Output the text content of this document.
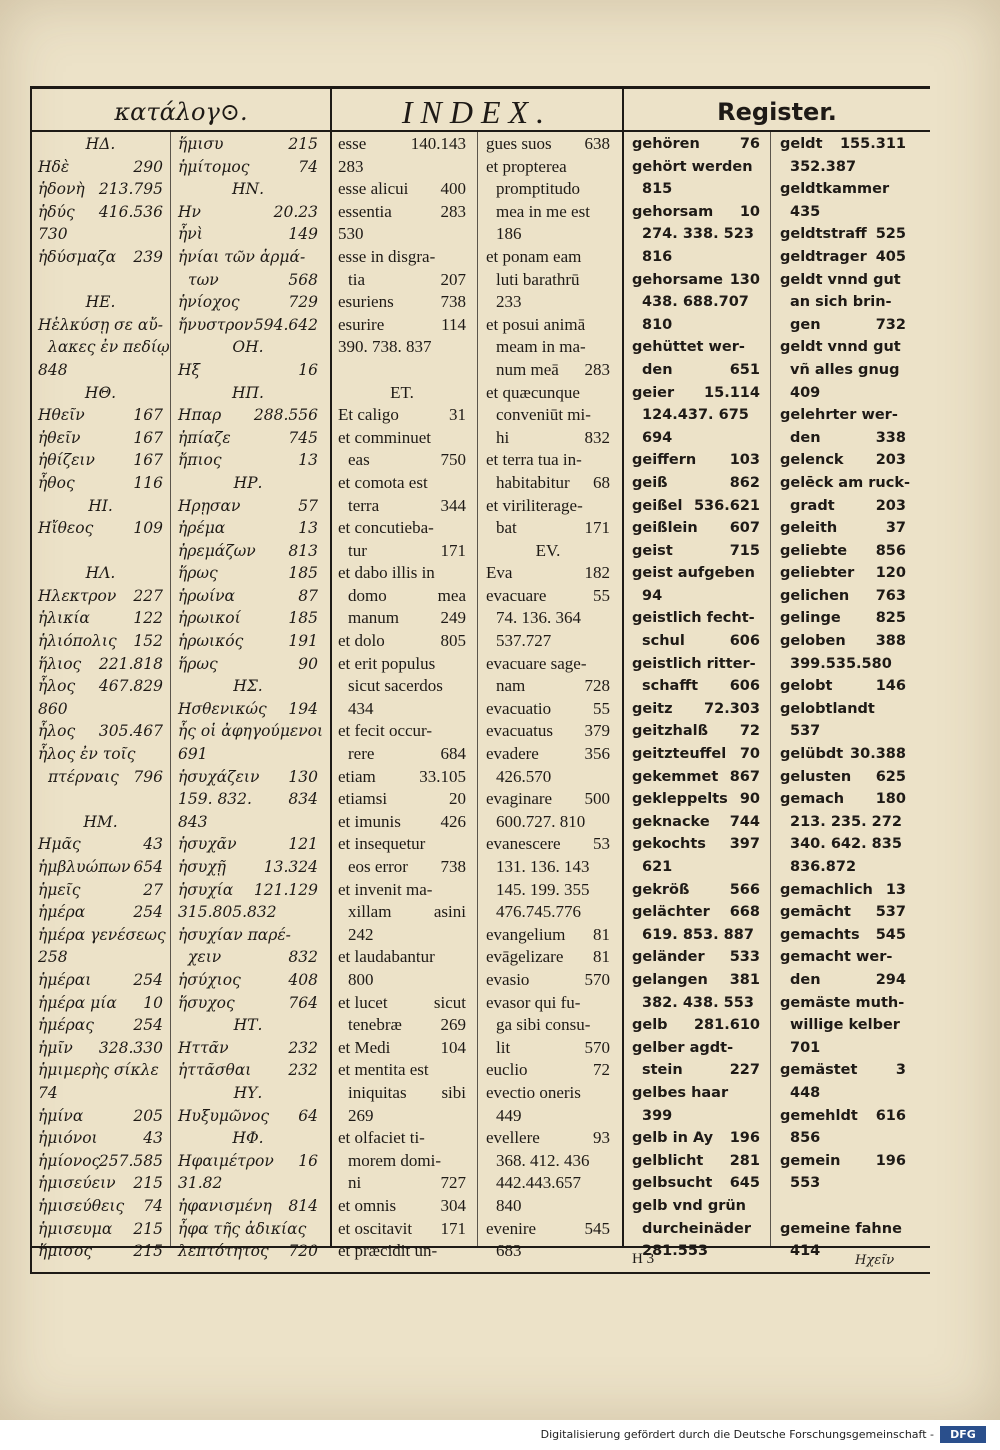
κατάλογ⊙.	INDEX.	Register.
ΗΔ.
Ηδὲ	290
ἡδονὴ 213.795
ἡδύς 416.536
730
ἡδύσμαζα 239
ΗΕ.
Ηἑλκύσῃ σε αὔ-
λακες ἐν πεδίῳ
848
ΗΘ.
Ηθεῖν	167
ἠθεῖν	167
ἠθίζειν 167
ἦθος	116
ΗΙ.
Ηἴθεος	109
ΗΛ.
Ηλεκτρον 227
ἡλικία	122
ἡλιόπολις 152
ἥλιος 221.818
ἧλος 467.829
860
ἧλος 305.467
ἧλος ἐν τοῖς
πτέρναις 796
ΗΜ.
Ημᾶς	43
ἡμβλυώπων 654
ἡμεῖς	27
ἡμέρα	254
ἡμέρα γενέσεως
258
ἡμέραι	254
ἡμέρα μία 10
ἡμέρας	254
ἡμῖν 328.330
ἡμιμερὴς σίκλε
74
ἡμίνα	205
ἡμιόνοι	43
ἡμίονος
257.585
ἡμισεύειν 215
ἡμισεύθεις 74
ἡμισευμα 215
ἥμισος	215
ἥμισυ	215
ἡμίτομος	74
ΗΝ.
Ην	20.23
ἦνὶ	149
ἡνίαι τῶν ἁρμά-
των	568
ἡνίοχος	729
ἤνυστρον 594.642
ΟΗ.
Ηξ	16
ΗΠ.
Ηπαρ 288.556
ἠπίαζε	745
ἤπιος	13
ΗΡ.
Ηρῃσαν	57
ἠρέμα	13
ἠρεμάζων 813
ἥρως	185
ἡρωίνα	87
ἡρωικοί	185
ἡρωικός	191
ἥρως	90
ΗΣ.
Ησθενικώς 194
ἧς οἱ ἀφηγούμενοι
691
ἡσυχάζειν 130
159. 832. 834
843
ἡσυχᾶν	121
ἡσυχῇ 13.324
ἡσυχία 121.129
315.805.832
ἡσυχίαν παρέ-
χειν	832
ἡσύχιος	408
ἥσυχος	764
ΗΤ.
Ηττᾶν	232
ἡττᾶσθαι 232
ΗΥ.
Ηυξυμῶνος 64
ΗΦ.
Ηφαιμέτρον 16
31.82
ἠφανισμένη 814
ἦφα τῆς ἀδικίας
λεπτότητος 720
esse	140.143
283
esse alicui 400
essentia	283
530
esse in disgra-
tia	207
esuriens	738
esurire	114
390. 738. 837
ET.
Et caligo	31
et comminuet
eas	750
et comota est
terra	344
et concutieba-
tur	171
et dabo illis in
domo	mea
manum 249
et dolo	805
et erit populus
sicut sacerdos
434
et fecit occur-
rere	684
etiam	33.105
etiamsi	20
et imunis 426
et insequetur
eos error 738
et invenit ma-
xillam asini
242
et laudabantur
800
et lucet	sicut
tenebræ 269
et Medi	104
et mentita est
iniquitas sibi
269
et olfaciet ti-
morem domi-
ni	727
et omnis	304
et oscitavit 171
et præcidit un-
gues suos 638
et propterea
promptitudo
mea in me est
186
et ponam eam
luti barathrū
233
et posui animā
meam in ma-
num meā 283
et quæcunque
conveniūt mi-
hi	832
et terra tua in-
habitabitur 68
et viriliterage-
bat	171
EV.
Eva	182
evacuare	55
74. 136. 364
537.727
evacuare sage-
nam	728
evacuatio 55
evacuatus 379
evadere	356
426.570
evaginare 500
600.727. 810
evanescere 53
131. 136. 143
145. 199. 355
476.745.776
evangelium 81
evāgelizare 81
evasio	570
evasor qui fu-
ga sibi consu-
lit	570
euclio	72
evectio oneris
449
evellere	93
368. 412. 436
442.443.657
840
evenire	545
683
gehören	76
gehört werden
815
gehorsam 10
274. 338. 523
816
gehorsame 130
438. 688.707
810
gehüttet wer-
den	651
geier 15.114
124.437. 675
694
geiffern 103
geiß	862
geißel 536.621
geißlein 607
geist	715
geist aufgeben
94
geistlich fecht-
schul	606
geistlich ritter-
schafft 606
geitz 72.303
geitzhalß 72
geitzteuffel 70
gekemmet 867
gekleppelts 90
geknacke 744
gekochts 397
621
gekröß	566
gelächter 668
619. 853. 887
geländer 533
gelangen 381
382. 438. 553
gelb 281.610
gelber agdt-
stein	227
gelbes haar
399
gelb in Ay 196
gelblicht 281
gelbsucht 645
gelb vnd grün
durcheinäder
281.553
geldt 155.311
352.387
geldtkammer
435
geldtstraff 525
geldtrager 405
geldt vnnd gut
an sich brin-
gen	732
geldt vnnd gut
vñ alles gnug
409
gelehrter wer-
den	338
gelenck 203
gelēck am ruck-
gradt	203
geleith	37
geliebte 856
geliebter 120
gelichen 763
gelinge 825
geloben 388
399.535.580
gelobt	146
gelobtlandt
537
gelübdt 30.388
gelusten 625
gemach 180
213. 235. 272
340. 642. 835
836.872
gemachlich 13
gemācht 537
gemachts 545
gemacht wer-
den	294
gemäste muth-
willige kelber
701
gemästet	3
448
gemehldt 616
856
gemein 196
553
gemeine fahne
414
H 3	Ηχεῖν
Digitalisierung gefördert durch die Deutsche Forschungsgemeinschaft -	DFG
